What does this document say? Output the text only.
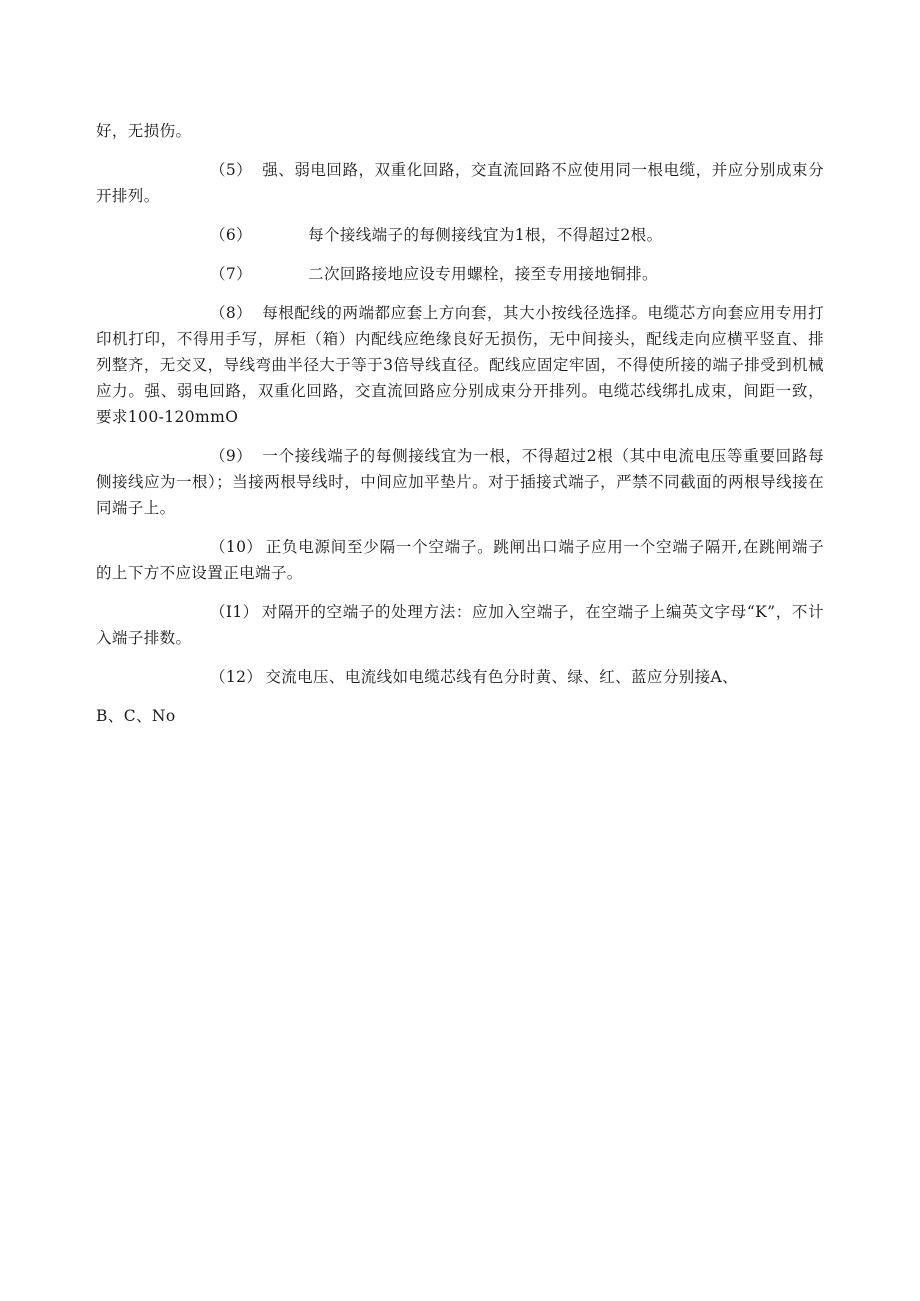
好，无损伤。

（5） 强、弱电回路，双重化回路，交直流回路不应使用同一根电缆，并应分别成束分开排列。

（6）	每个接线端子的每侧接线宜为1根，不得超过2根。

（7）	二次回路接地应设专用螺栓，接至专用接地铜排。

（8） 每根配线的两端都应套上方向套，其大小按线径选择。电缆芯方向套应用专用打印机打印，不得用手写，屏柜（箱）内配线应绝缘良好无损伤，无中间接头，配线走向应横平竖直、排列整齐，无交叉，导线弯曲半径大于等于3倍导线直径。配线应固定牢固，不得使所接的端子排受到机械应力。强、弱电回路，双重化回路，交直流回路应分别成束分开排列。电缆芯线绑扎成束，间距一致，要求100-120mmO

（9） 一个接线端子的每侧接线宜为一根，不得超过2根（其中电流电压等重要回路每侧接线应为一根）；当接两根导线时，中间应加平垫片。对于插接式端子，严禁不同截面的两根导线接在同端子上。

（10） 正负电源间至少隔一个空端子。跳闸出口端子应用一个空端子隔开,在跳闸端子的上下方不应设置正电端子。

（I1） 对隔开的空端子的处理方法：应加入空端子，在空端子上编英文字母“K”，不计入端子排数。

（12） 交流电压、电流线如电缆芯线有色分时黄、绿、红、蓝应分别接A、

B、C、No
